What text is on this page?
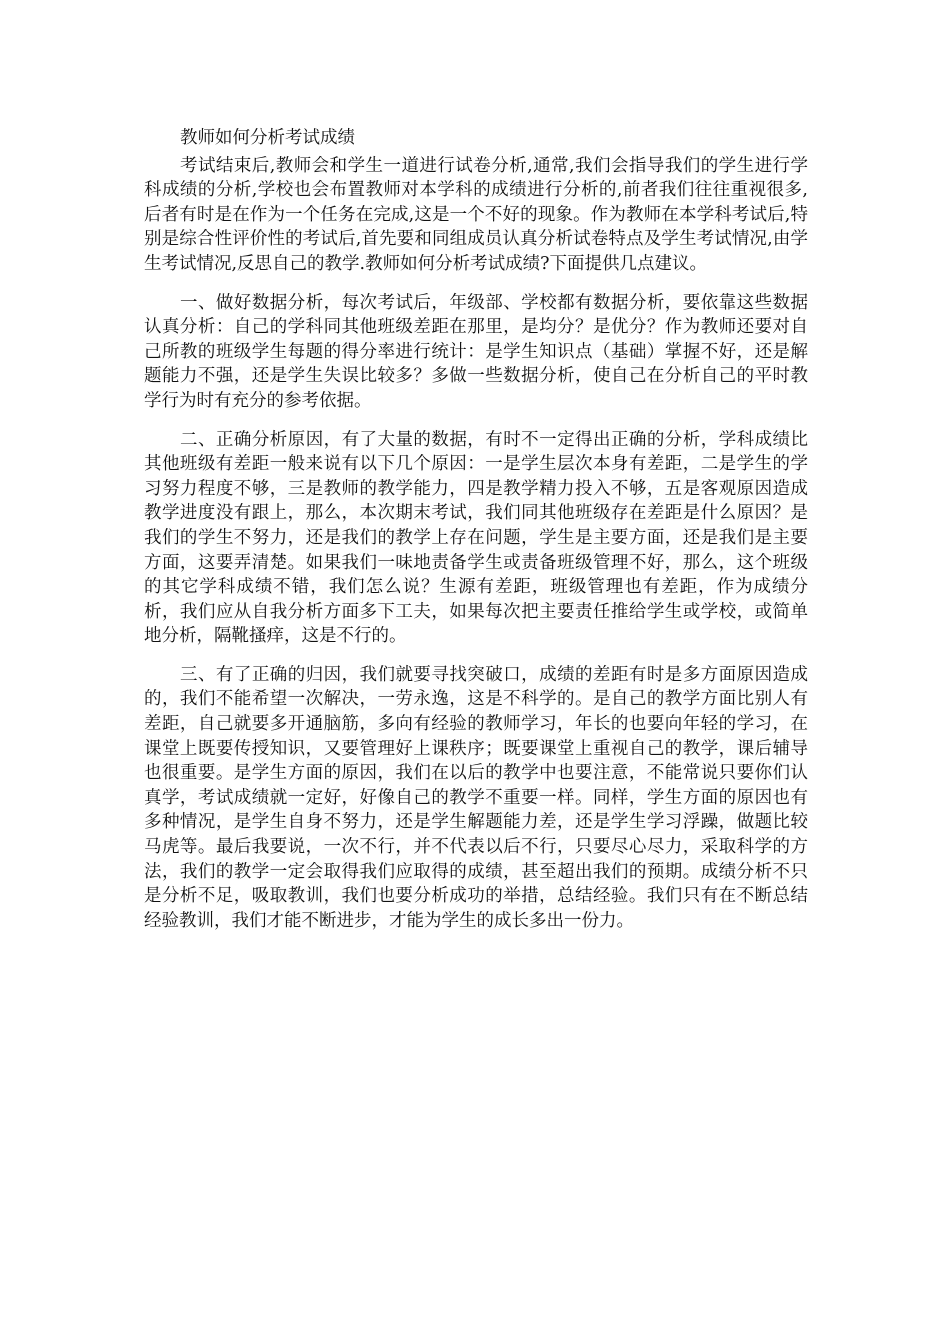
教师如何分析考试成绩

考试结束后,教师会和学生一道进行试卷分析,通常,我们会指导我们的学生进行学科成绩的分析,学校也会布置教师对本学科的成绩进行分析的,前者我们往往重视很多,后者有时是在作为一个任务在完成,这是一个不好的现象。作为教师在本学科考试后,特别是综合性评价性的考试后,首先要和同组成员认真分析试卷特点及学生考试情况,由学生考试情况,反思自己的教学.教师如何分析考试成绩?下面提供几点建议。

一、做好数据分析，每次考试后，年级部、学校都有数据分析，要依靠这些数据认真分析：自己的学科同其他班级差距在那里，是均分？是优分？作为教师还要对自己所教的班级学生每题的得分率进行统计：是学生知识点（基础）掌握不好，还是解题能力不强，还是学生失误比较多？多做一些数据分析，使自己在分析自己的平时教学行为时有充分的参考依据。

二、正确分析原因，有了大量的数据，有时不一定得出正确的分析，学科成绩比其他班级有差距一般来说有以下几个原因：一是学生层次本身有差距，二是学生的学习努力程度不够，三是教师的教学能力，四是教学精力投入不够，五是客观原因造成教学进度没有跟上，那么，本次期末考试，我们同其他班级存在差距是什么原因？是我们的学生不努力，还是我们的教学上存在问题，学生是主要方面，还是我们是主要方面，这要弄清楚。如果我们一味地责备学生或责备班级管理不好，那么，这个班级的其它学科成绩不错，我们怎么说？生源有差距，班级管理也有差距，作为成绩分析，我们应从自我分析方面多下工夫，如果每次把主要责任推给学生或学校，或简单地分析，隔靴搔痒，这是不行的。

三、有了正确的归因，我们就要寻找突破口，成绩的差距有时是多方面原因造成的，我们不能希望一次解决，一劳永逸，这是不科学的。是自己的教学方面比别人有差距，自己就要多开通脑筋，多向有经验的教师学习，年长的也要向年轻的学习，在课堂上既要传授知识，又要管理好上课秩序；既要课堂上重视自己的教学，课后辅导也很重要。是学生方面的原因，我们在以后的教学中也要注意，不能常说只要你们认真学，考试成绩就一定好，好像自己的教学不重要一样。同样，学生方面的原因也有多种情况，是学生自身不努力，还是学生解题能力差，还是学生学习浮躁，做题比较马虎等。最后我要说，一次不行，并不代表以后不行，只要尽心尽力，采取科学的方法，我们的教学一定会取得我们应取得的成绩，甚至超出我们的预期。成绩分析不只是分析不足，吸取教训，我们也要分析成功的举措，总结经验。我们只有在不断总结经验教训，我们才能不断进步，才能为学生的成长多出一份力。
